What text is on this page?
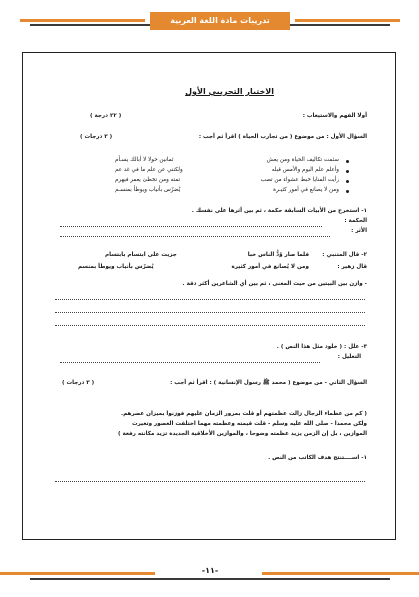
تدريبات مادة اللغة العربية
الاختبار التجريبي الأول
أولا الفهم والاستيعاب :
( ٢٢ درجة )
السؤال الأول : من موضوع ( من تجارب الحياة ) اقرأ ثم أجب :
( ٣ درجات )
سئمت تكاليف الحياة ومن يعش
ثمانين حولا لا أبالك يسـأم
وأعلم علم اليوم والأمس قبله
ولكنني عن علم ما في غد عم
رأيت المنايا خبط عشواء من تصب
تمته ومن تخطئ يعمر فيهرم
ومن لا يصانع في أمور كثيـرة
يُضرّس بأنياب ويوطأ بمنسـم
١- استخرج من الأبيات السابقة حكمة ، ثم بين أثرها على نفسك .
الحكمة :
الأثر :
٢- قال المتنبي :
فلما صار وُدُّ الناس خبا
جزيت على ابتسام بابتسام
قال زهير :
ومن لا يُصانع في أمور كثيرة
يُضرّس بأنياب ويوطأ بمنسم
- وازن بين البيتين من حيث المعنى ، ثم بين أي الشاعرين أكثر دقة .
٣- علل : ( خلود مثل هذا النص ) .
التعليل :
السؤال الثاني - من موضوع ( محمد ﷺ رسول الإنسانية ) : اقرأ ثم أجب :
( ٣ درجات )
( كم من عظماء الرجال زالت عظمتهم أو قلت بمرور الزمان عليهم فوزنوا بميزان عصرهم.
ولكن محمدا - صلى الله عليه وسلم - قلت قيمته وعظمته مهما اختلفت العصور وتغيرت
الموازين ، بل إن الزمن يزيد عظمته وضوحا ، والموازين الأخلاقية الجديدة تزيد مكانته رفعة )
١- اســــتنتج هدف الكاتب من النص .
-١١-
